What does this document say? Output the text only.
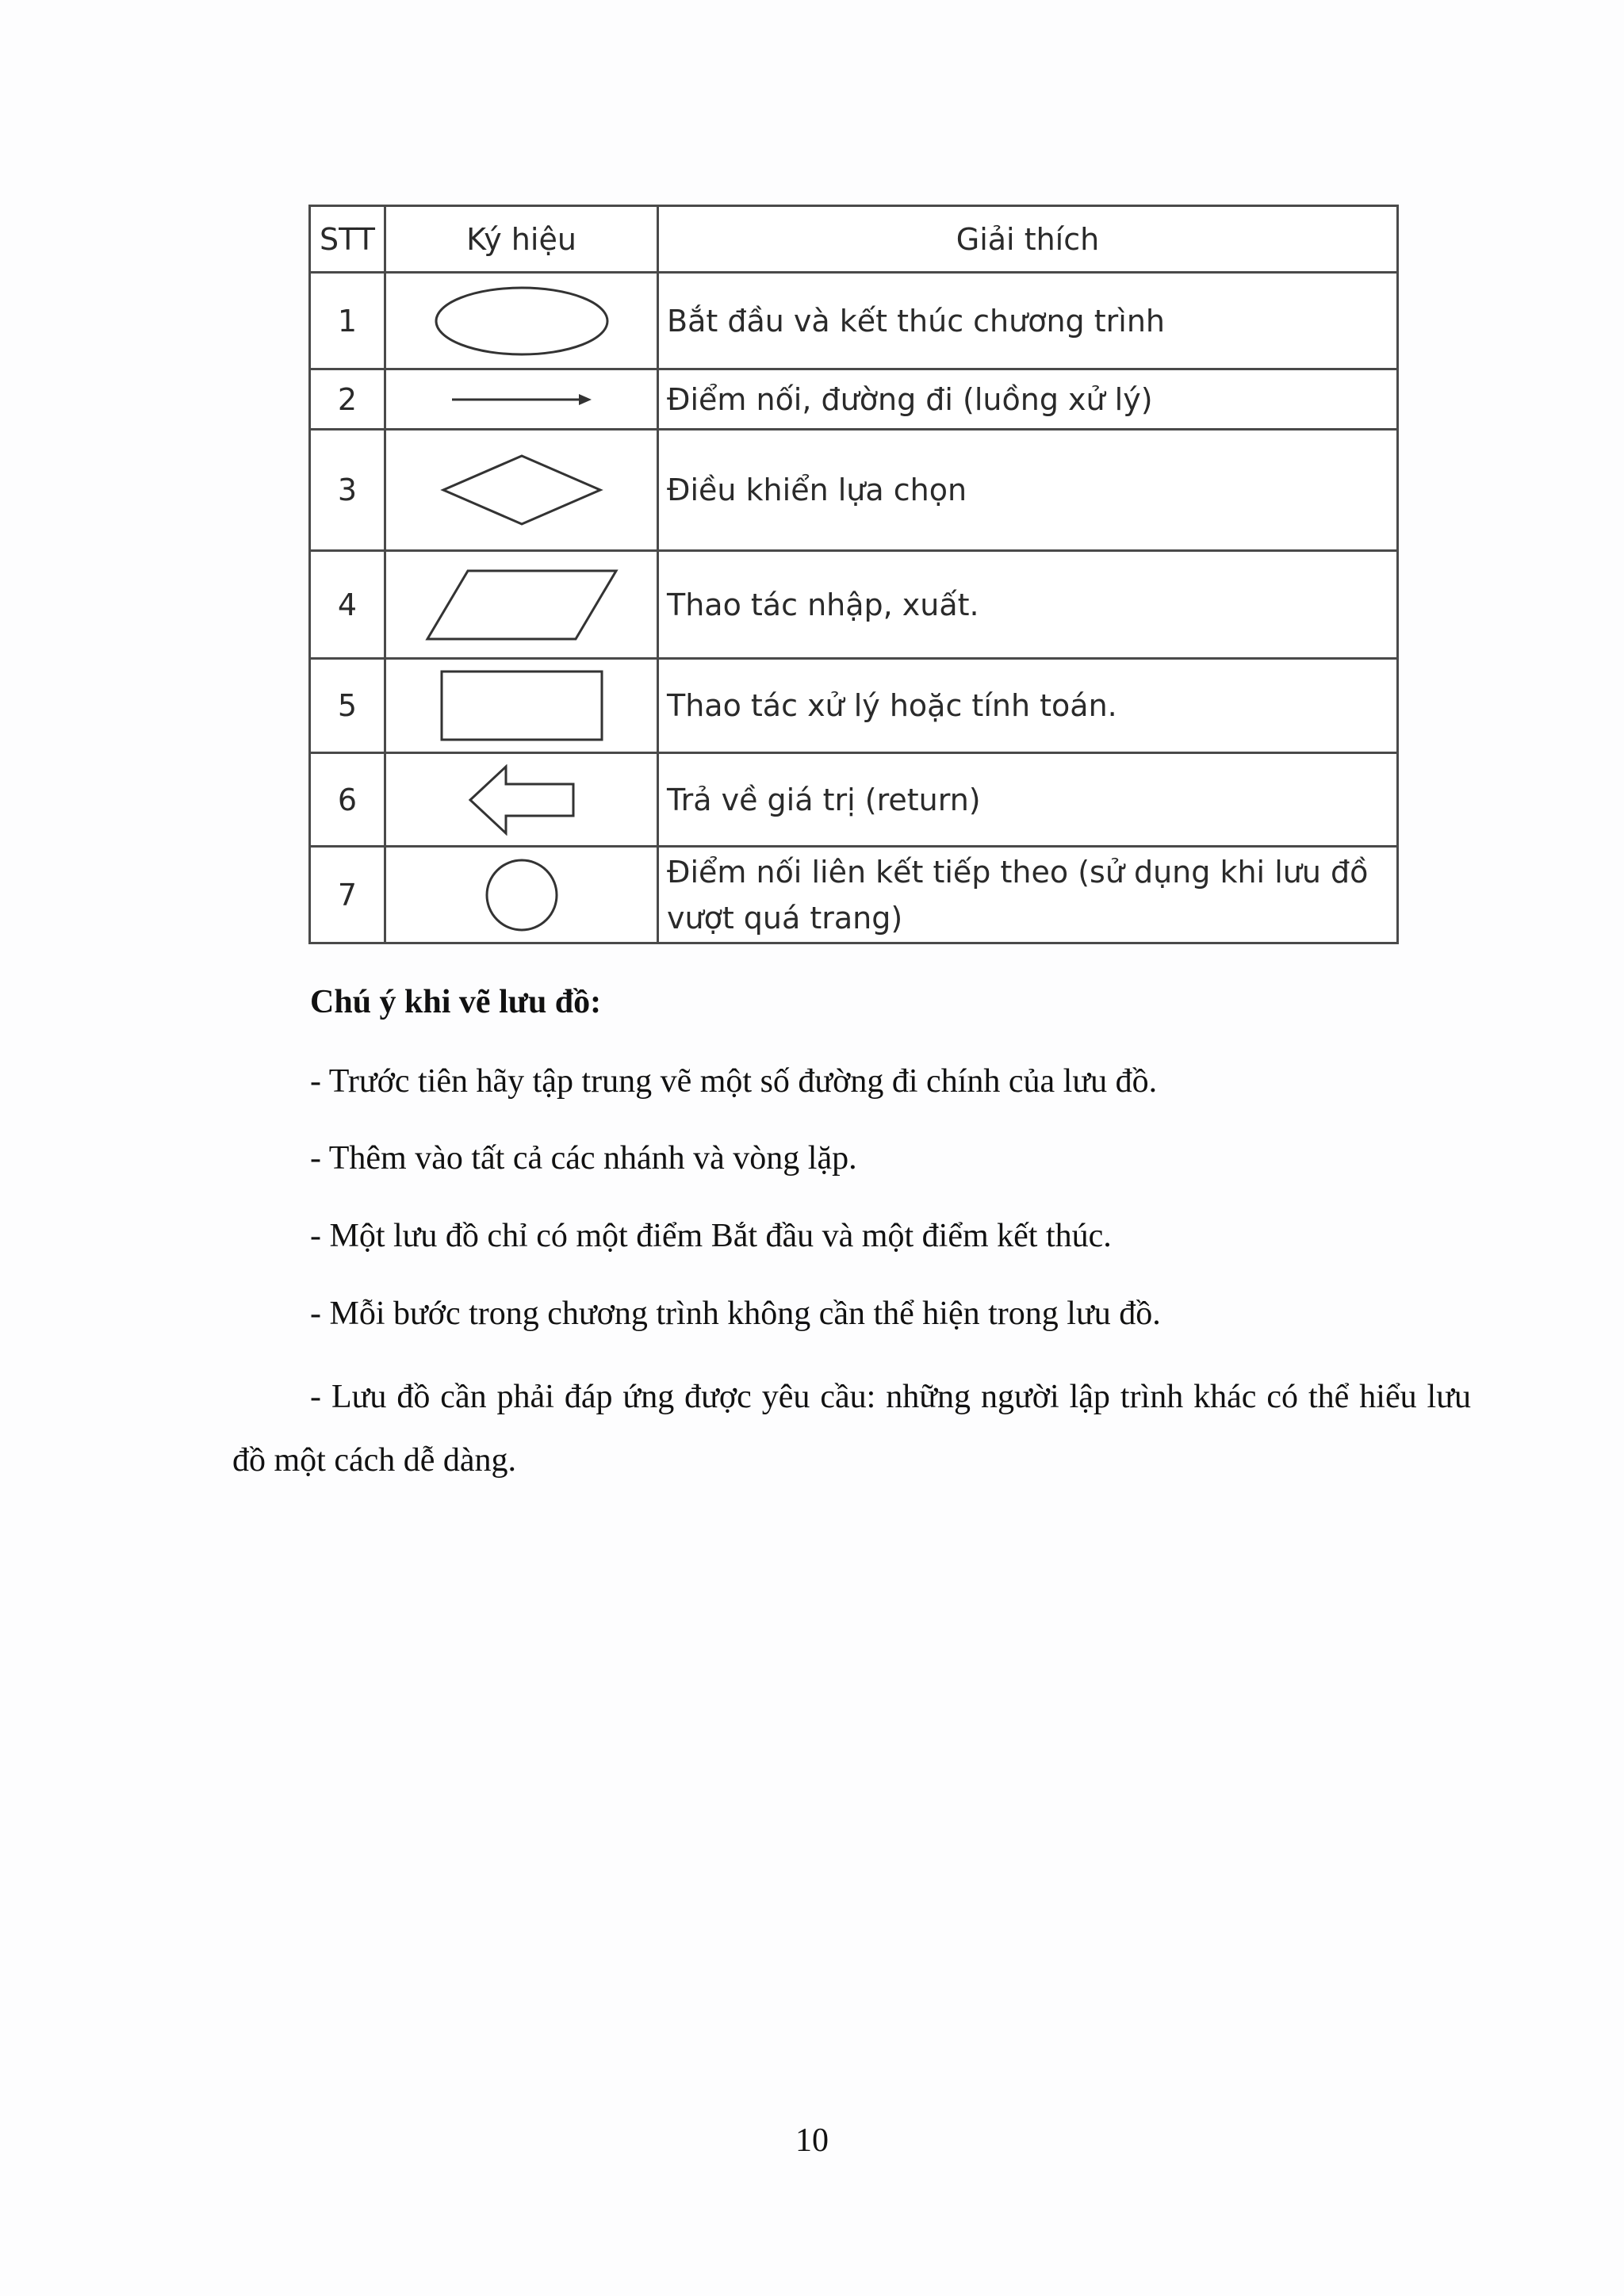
STT	Ký hiệu	Giải thích
1		Bắt đầu và kết thúc chương trình
2		Điểm nối, đường đi (luồng xử lý)
3		Điều khiển lựa chọn
4		Thao tác nhập, xuất.
5		Thao tác xử lý hoặc tính toán.
6		Trả về giá trị (return)
7		Điểm nối liên kết tiếp theo (sử dụng khi lưu đồ vượt quá trang)

Chú ý khi vẽ lưu đồ:

- Trước tiên hãy tập trung vẽ một số đường đi chính của lưu đồ.

- Thêm vào tất cả các nhánh và vòng lặp.

- Một lưu đồ chỉ có một điểm Bắt đầu và một điểm kết thúc.

- Mỗi bước trong chương trình không cần thể hiện trong lưu đồ.

- Lưu đồ cần phải đáp ứng được yêu cầu: những người lập trình khác có thể hiểu lưu đồ một cách dễ dàng.

10
